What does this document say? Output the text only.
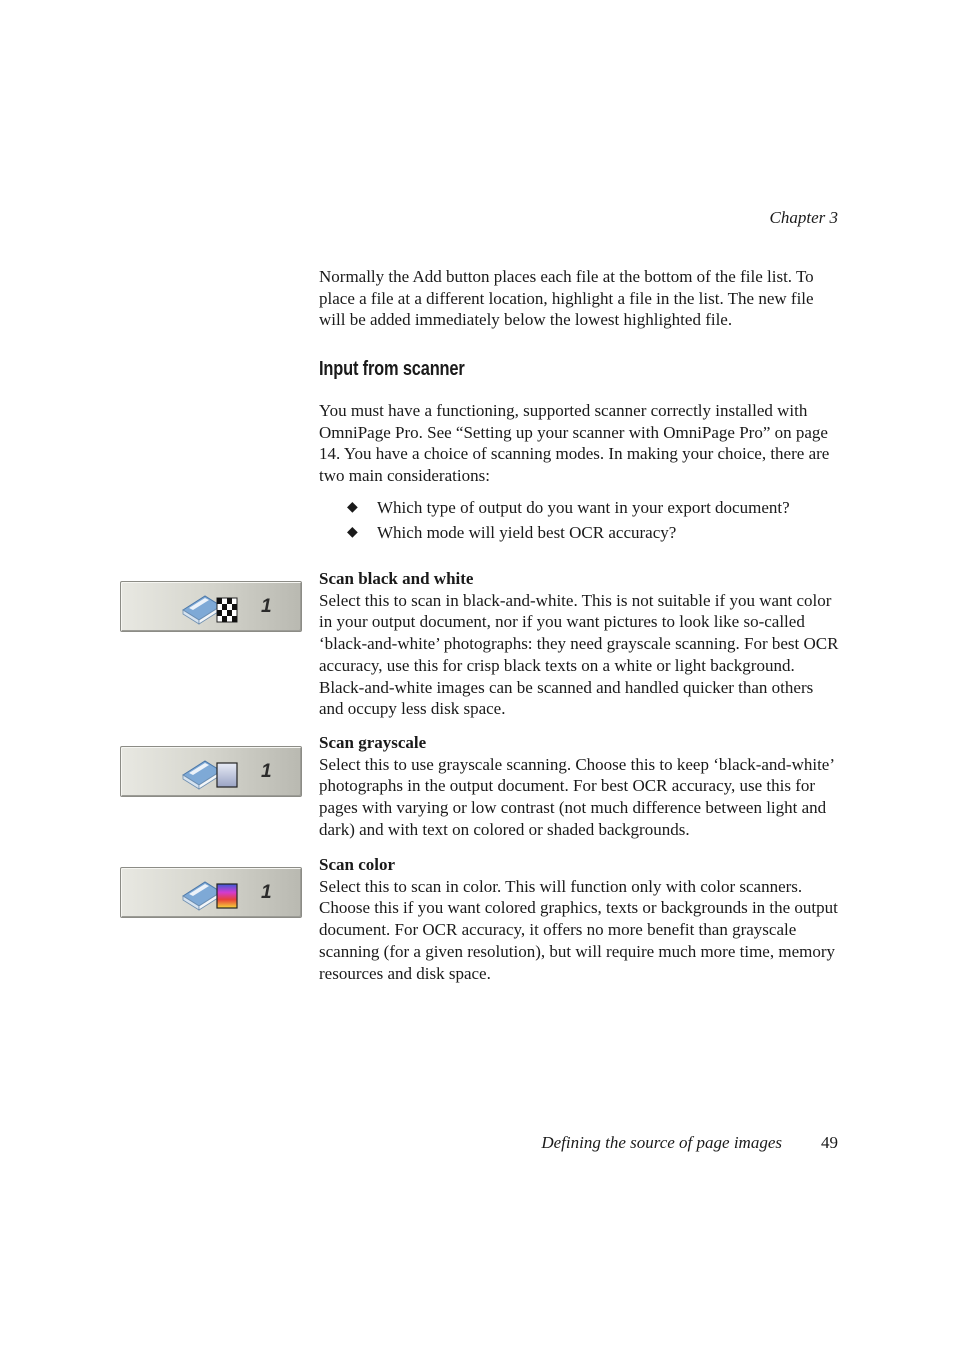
Chapter 3
Normally the Add button places each file at the bottom of the file list. To place a file at a different location, highlight a file in the list. The new file will be added immediately below the lowest highlighted file.
Input from scanner
You must have a functioning, supported scanner correctly installed with OmniPage Pro. See “Setting up your scanner with OmniPage Pro” on page 14. You have a choice of scanning modes. In making your choice, there are two main considerations:
◆ Which type of output do you want in your export document?
◆ Which mode will yield best OCR accuracy?
1
Scan black and white
Select this to scan in black-and-white. This is not suitable if you want color in your output document, nor if you want pictures to look like so-called ‘black-and-white’ photographs: they need grayscale scanning. For best OCR accuracy, use this for crisp black texts on a white or light background. Black-and-white images can be scanned and handled quicker than others and occupy less disk space.
1
Scan grayscale
Select this to use grayscale scanning. Choose this to keep ‘black-and-white’ photographs in the output document. For best OCR accuracy, use this for pages with varying or low contrast (not much difference between light and dark) and with text on colored or shaded backgrounds.
1
Scan color
Select this to scan in color. This will function only with color scanners. Choose this if you want colored graphics, texts or backgrounds in the output document. For OCR accuracy, it offers no more benefit than grayscale scanning (for a given resolution), but will require much more time, memory resources and disk space.
Defining the source of page images	49
